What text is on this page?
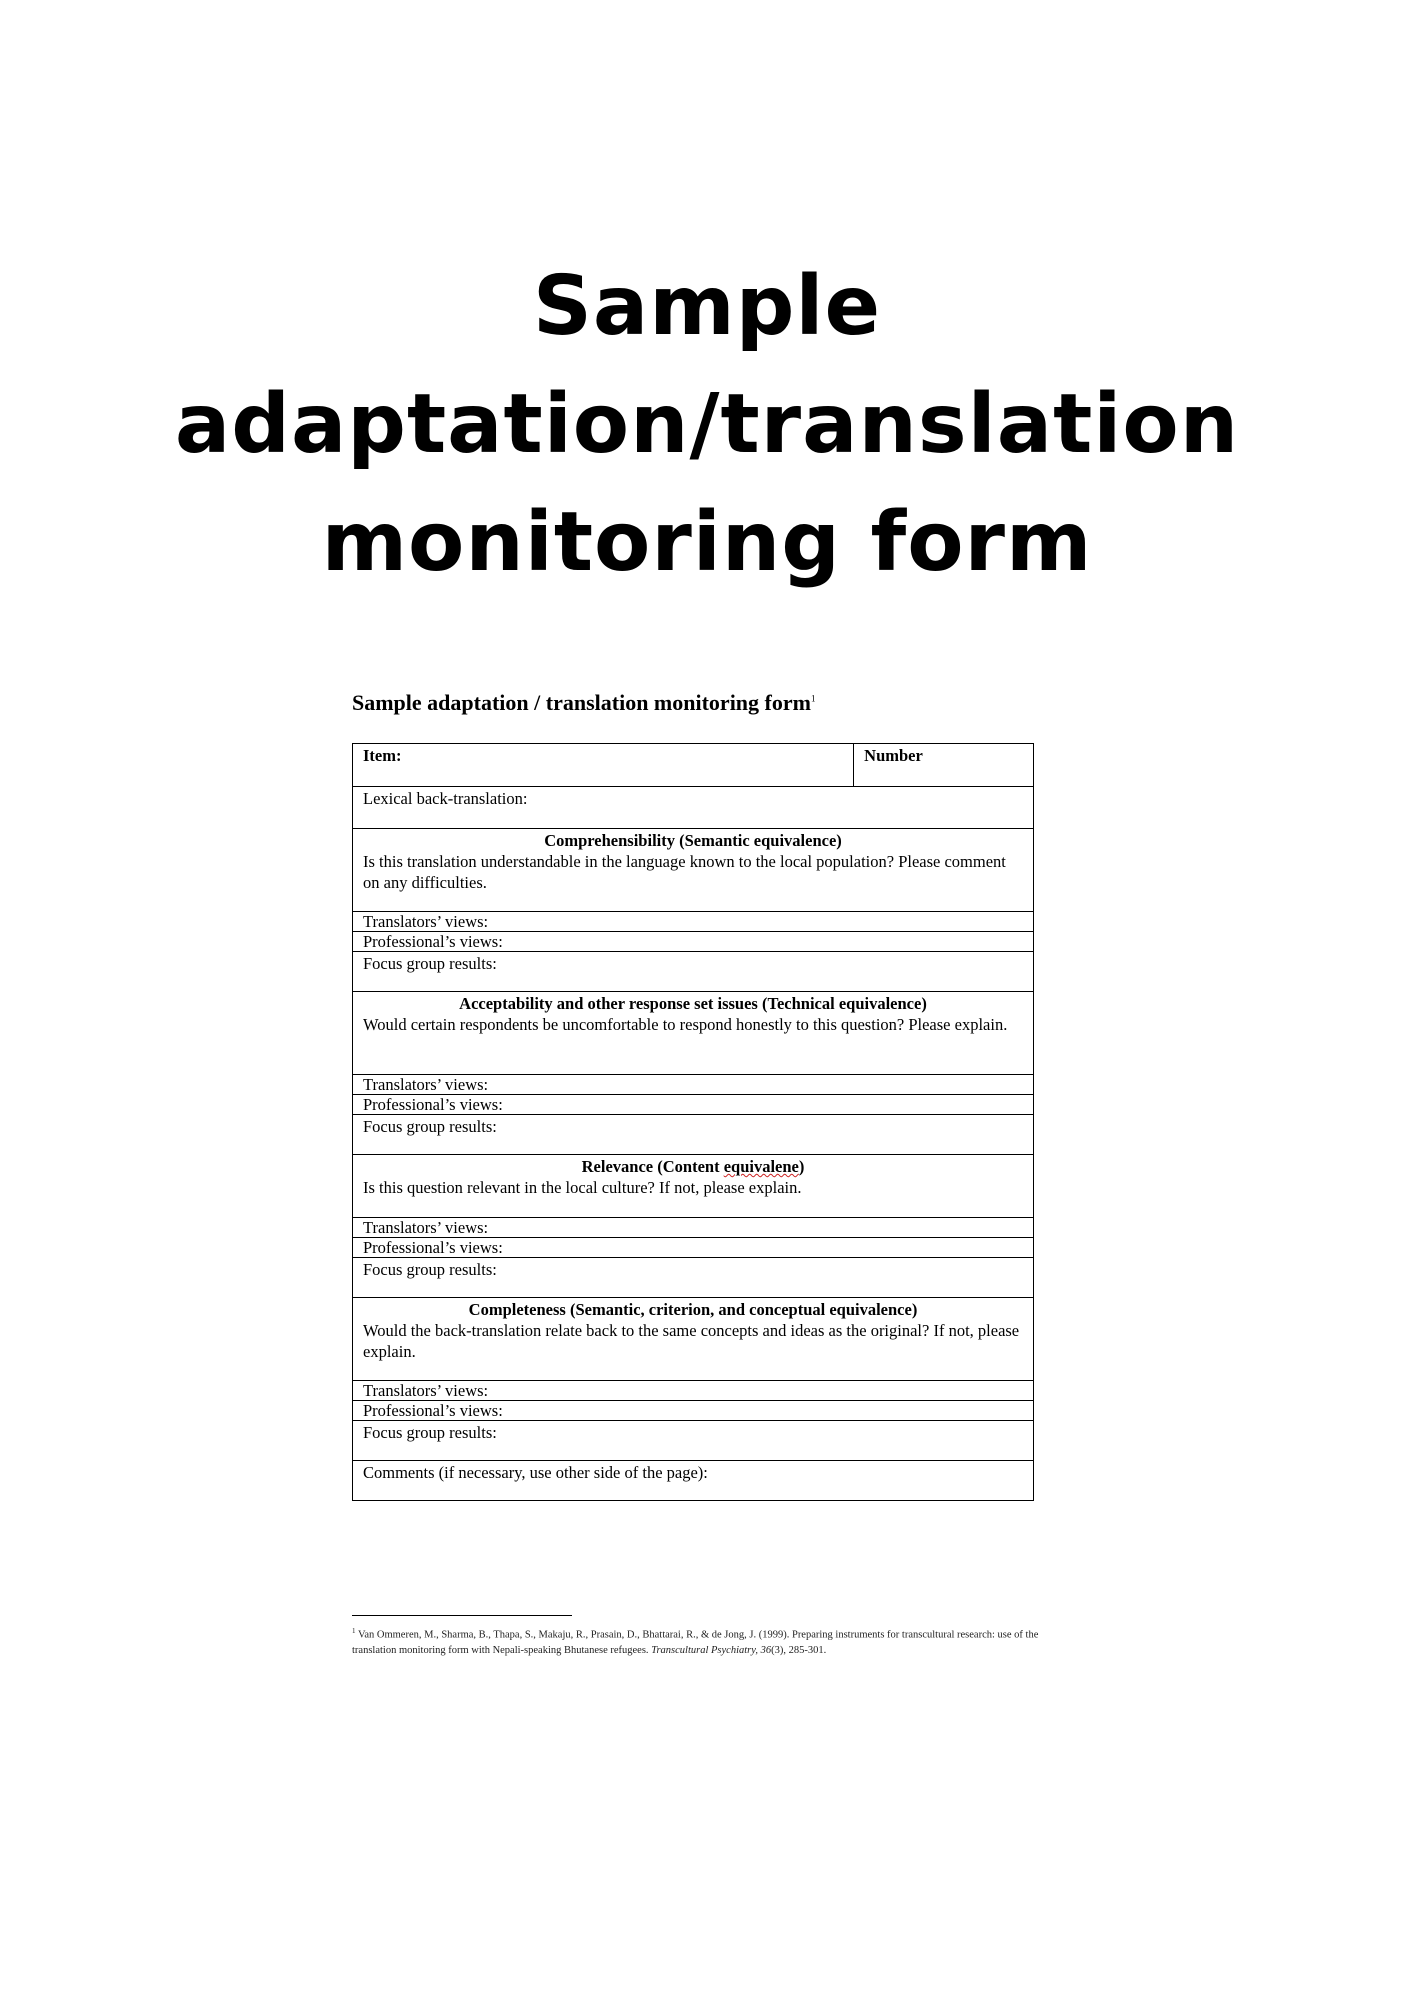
Sample
adaptation/translation
monitoring form

Sample adaptation / translation monitoring form$^1$

Item:	Number
Lexical back-translation:

Comprehensibility (Semantic equivalence)
Is this translation understandable in the language known to the local population? Please comment on any difficulties.

Translators’ views:
Professional’s views:
Focus group results:

Acceptability and other response set issues (Technical equivalence)
Would certain respondents be uncomfortable to respond honestly to this question? Please explain.

Translators’ views:
Professional’s views:
Focus group results:

Relevance (Content equivalene)
Is this question relevant in the local culture? If not, please explain.

Translators’ views:
Professional’s views:
Focus group results:

Completeness (Semantic, criterion, and conceptual equivalence)
Would the back-translation relate back to the same concepts and ideas as the original? If not, please explain.

Translators’ views:
Professional’s views:
Focus group results:
Comments (if necessary, use other side of the page):

$^1$ Van Ommeren, M., Sharma, B., Thapa, S., Makaju, R., Prasain, D., Bhattarai, R., & de Jong, J. (1999). Preparing instruments for transcultural research: use of the translation monitoring form with Nepali-speaking Bhutanese refugees. Transcultural Psychiatry, 36(3), 285-301.
